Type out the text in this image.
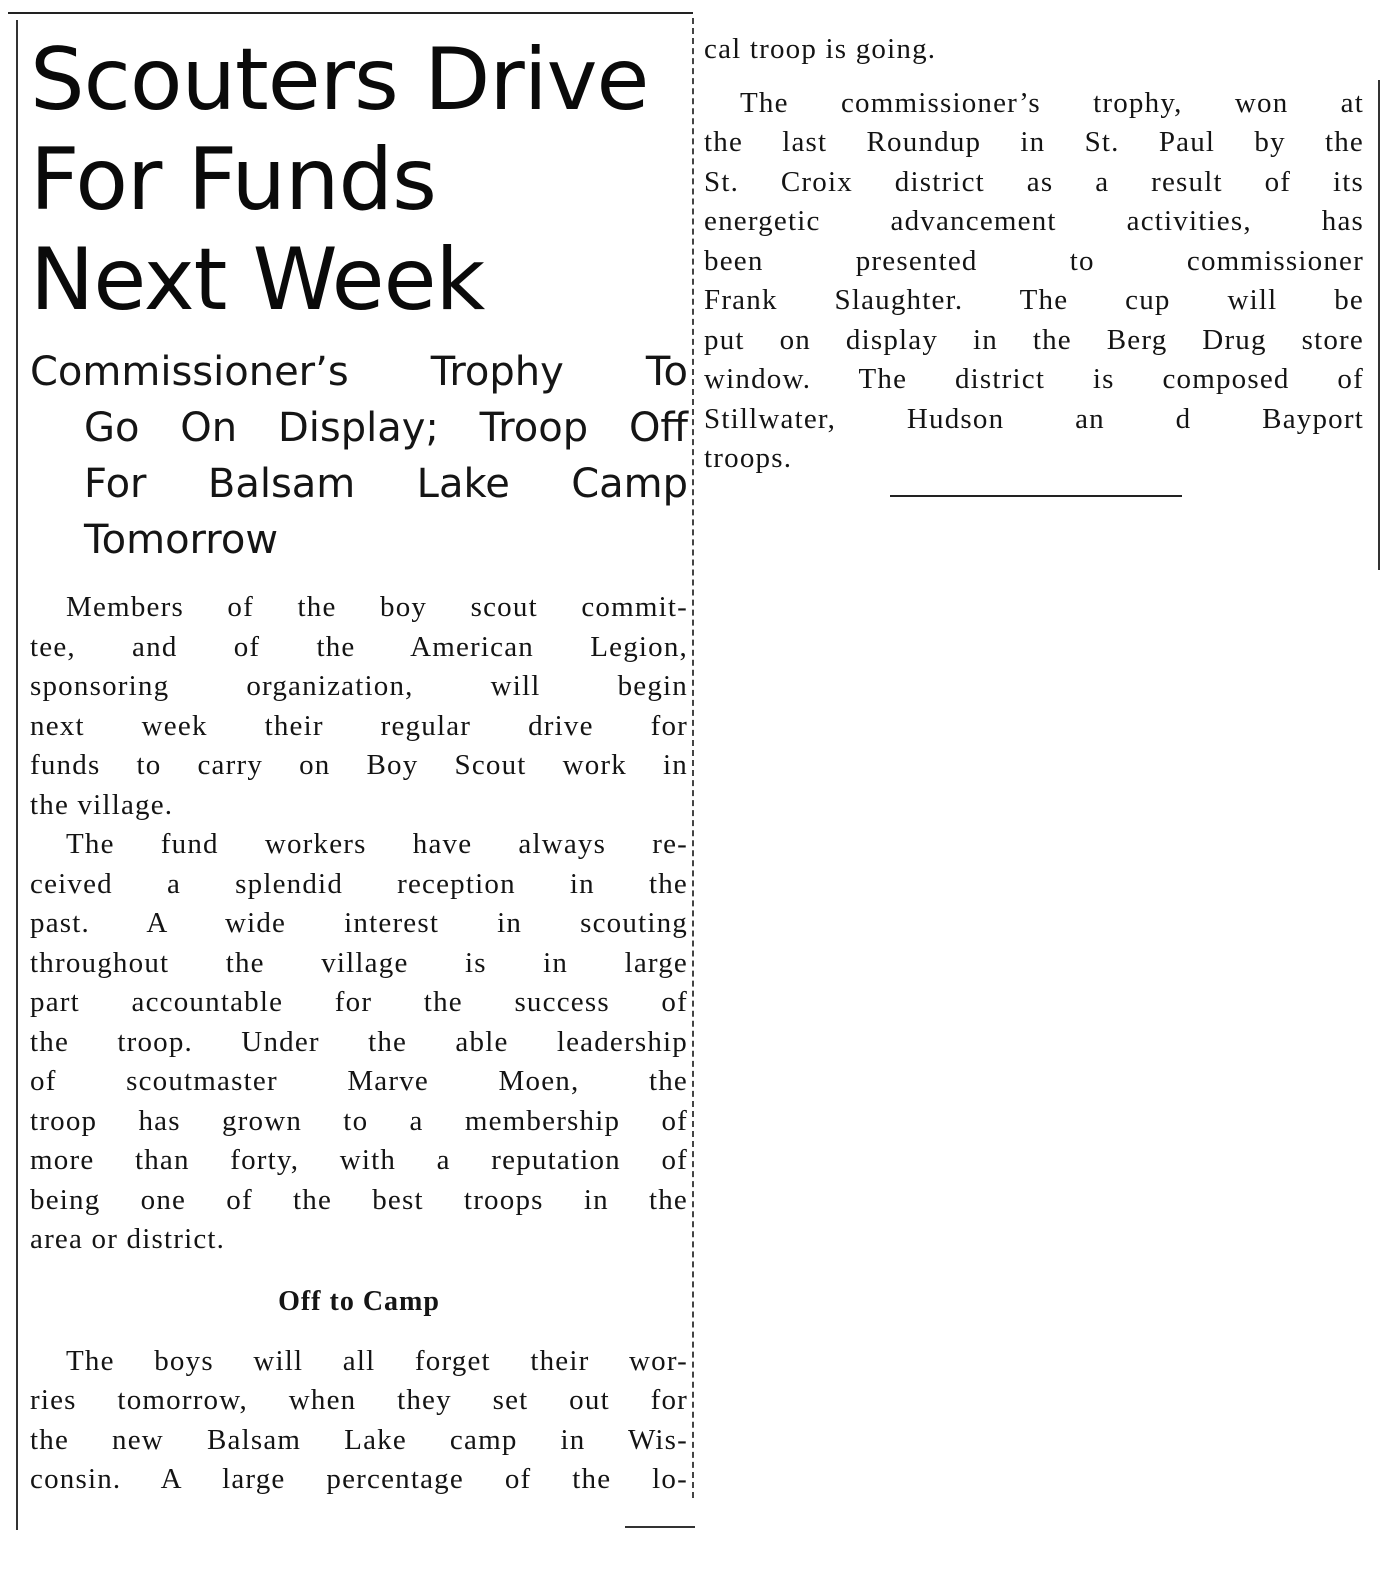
Scouters Drive
For Funds
Next Week
Commissioner’s Trophy To
Go On Display; Troop Off
For Balsam Lake Camp
Tomorrow

Members of the boy scout commit-
tee, and of the American Legion,
sponsoring organization, will begin
next week their regular drive for
funds to carry on Boy Scout work in
the village.

The fund workers have always re-
ceived a splendid reception in the
past. A wide interest in scouting
throughout the village is in large
part accountable for the success of
the troop. Under the able leadership
of scoutmaster Marve Moen, the
troop has grown to a membership of
more than forty, with a reputation of
being one of the best troops in the
area or district.

Off to Camp

The boys will all forget their wor-
ries tomorrow, when they set out for
the new Balsam Lake camp in Wis-
consin. A large percentage of the lo-

cal troop is going.

The commissioner’s trophy, won at
the last Roundup in St. Paul by the
St. Croix district as a result of its
energetic advancement activities, has
been presented to commissioner
Frank Slaughter. The cup will be
put on display in the Berg Drug store
window. The district is composed of
Stillwater, Hudson an d Bayport
troops.
